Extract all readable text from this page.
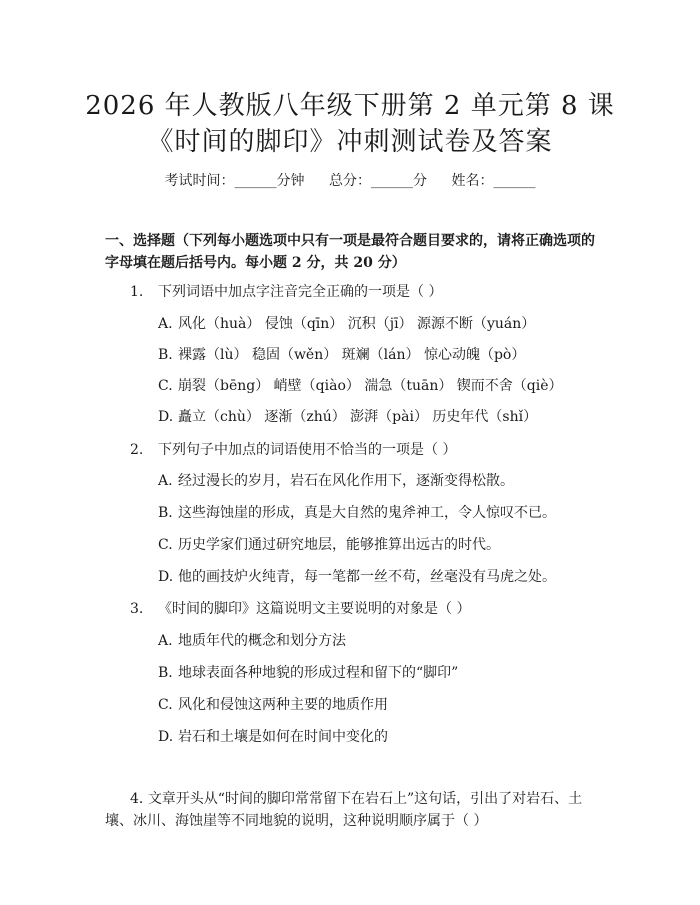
2026 年人教版八年级下册第 2 单元第 8 课
《时间的脚印》冲刺测试卷及答案
考试时间：______分钟 总分：______分 姓名：______
一、选择题（下列每小题选项中只有一项是最符合题目要求的，请将正确选项的字母填在题后括号内。每小题 2 分，共 20 分）
1. 下列词语中加点字注音完全正确的一项是（ ）
A. 风化（huà） 侵蚀（qīn） 沉积（jī） 源源不断（yuán）
B. 裸露（lù） 稳固（wěn） 斑斓（lán） 惊心动魄（pò）
C. 崩裂（bēng） 峭壁（qiào） 湍急（tuān） 锲而不舍（qiè）
D. 矗立（chù） 逐渐（zhú） 澎湃（pài） 历史年代（shǐ）
2. 下列句子中加点的词语使用不恰当的一项是（ ）
A. 经过漫长的岁月，岩石在风化作用下，逐渐变得松散。
B. 这些海蚀崖的形成，真是大自然的鬼斧神工，令人惊叹不已。
C. 历史学家们通过研究地层，能够推算出远古的时代。
D. 他的画技炉火纯青，每一笔都一丝不苟，丝毫没有马虎之处。
3. 《时间的脚印》这篇说明文主要说明的对象是（ ）
A. 地质年代的概念和划分方法
B. 地球表面各种地貌的形成过程和留下的“脚印”
C. 风化和侵蚀这两种主要的地质作用
D. 岩石和土壤是如何在时间中变化的
4. 文章开头从“时间的脚印常常留下在岩石上”这句话，引出了对岩石、土壤、冰川、海蚀崖等不同地貌的说明，这种说明顺序属于（ ）
